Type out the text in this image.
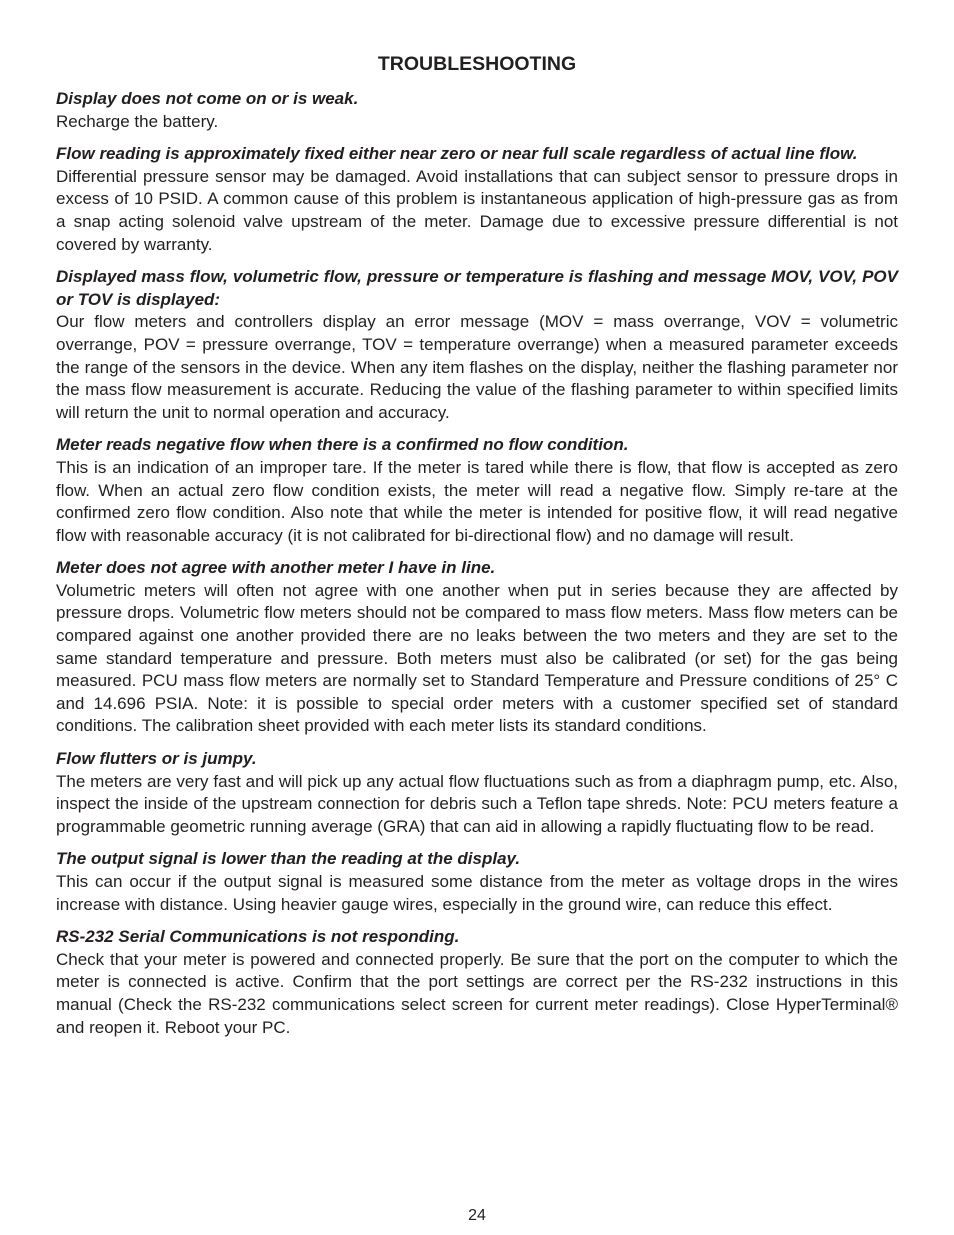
TROUBLESHOOTING

Display does not come on or is weak.

Recharge the battery.

Flow reading is approximately fixed either near zero or near full scale regardless of actual line flow.

Differential pressure sensor may be damaged. Avoid installations that can subject sensor to pressure drops in excess of 10 PSID. A common cause of this problem is instantaneous application of high-pressure gas as from a snap acting solenoid valve upstream of the meter. Damage due to excessive pressure differential is not covered by warranty.

Displayed mass flow, volumetric flow, pressure or temperature is flashing and message MOV, VOV, POV or TOV is displayed:

Our flow meters and controllers display an error message (MOV = mass overrange, VOV = volumetric overrange, POV = pressure overrange, TOV = temperature overrange) when a measured parameter exceeds the range of the sensors in the device. When any item flashes on the display, neither the flashing parameter nor the mass flow measurement is accurate. Reducing the value of the flashing parameter to within specified limits will return the unit to normal operation and accuracy.

Meter reads negative flow when there is a confirmed no flow condition.

This is an indication of an improper tare. If the meter is tared while there is flow, that flow is accepted as zero flow. When an actual zero flow condition exists, the meter will read a negative flow. Simply re-tare at the confirmed zero flow condition. Also note that while the meter is intended for positive flow, it will read negative flow with reasonable accuracy (it is not calibrated for bi-directional flow) and no damage will result.

Meter does not agree with another meter I have in line.

Volumetric meters will often not agree with one another when put in series because they are affected by pressure drops. Volumetric flow meters should not be compared to mass flow meters. Mass flow meters can be compared against one another provided there are no leaks between the two meters and they are set to the same standard temperature and pressure. Both meters must also be calibrated (or set) for the gas being measured. PCU mass flow meters are normally set to Standard Temperature and Pressure conditions of 25° C and 14.696 PSIA. Note: it is possible to special order meters with a customer specified set of standard conditions. The calibration sheet provided with each meter lists its standard conditions.

Flow flutters or is jumpy.

The meters are very fast and will pick up any actual flow fluctuations such as from a diaphragm pump, etc. Also, inspect the inside of the upstream connection for debris such a Teflon tape shreds. Note: PCU meters feature a programmable geometric running average (GRA) that can aid in allowing a rapidly fluctuating flow to be read.

The output signal is lower than the reading at the display.

This can occur if the output signal is measured some distance from the meter as voltage drops in the wires increase with distance. Using heavier gauge wires, especially in the ground wire, can reduce this effect.

RS-232 Serial Communications is not responding.

Check that your meter is powered and connected properly. Be sure that the port on the computer to which the meter is connected is active. Confirm that the port settings are correct per the RS-232 instructions in this manual (Check the RS-232 communications select screen for current meter readings). Close HyperTerminal® and reopen it. Reboot your PC.

24
